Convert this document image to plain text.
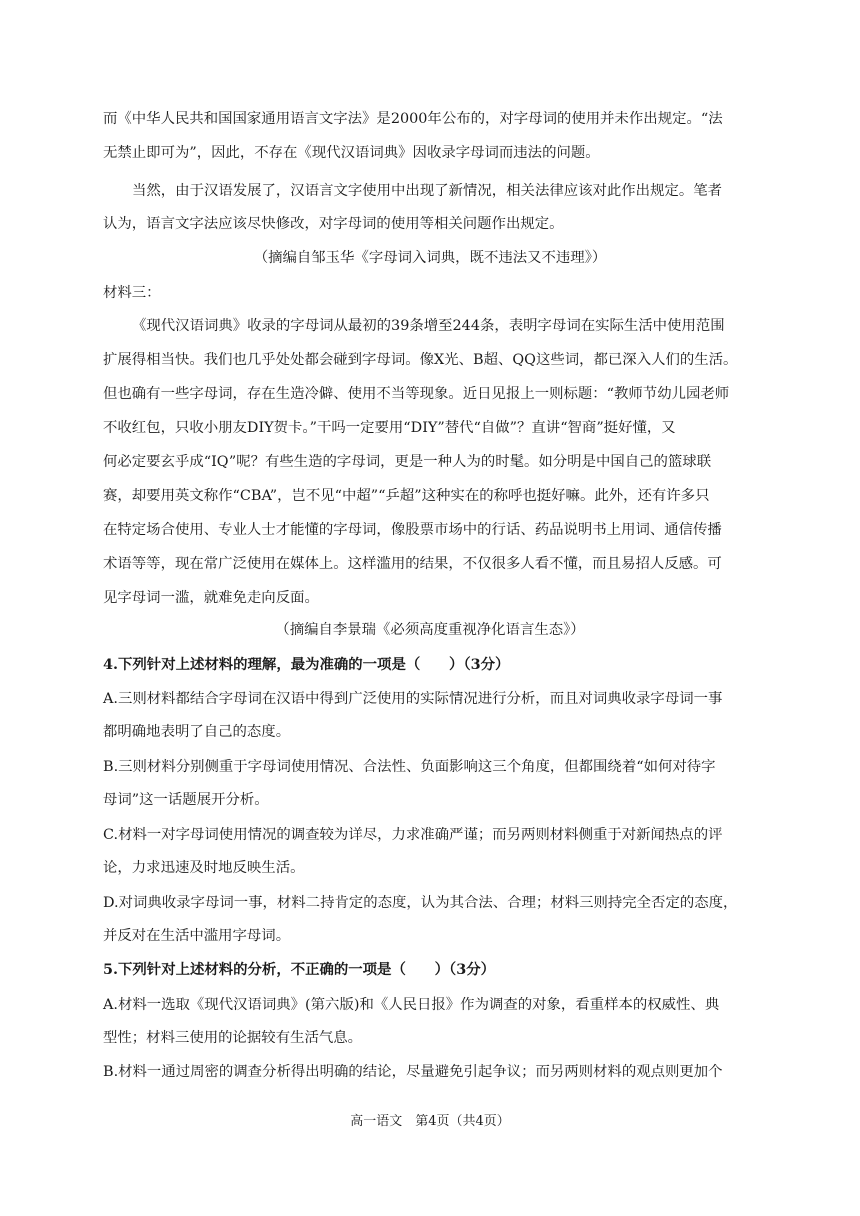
而《中华人民共和国国家通用语言文字法》是2000年公布的，对字母词的使用并未作出规定。“法
无禁止即可为”，因此，不存在《现代汉语词典》因收录字母词而违法的问题。
当然，由于汉语发展了，汉语言文字使用中出现了新情况，相关法律应该对此作出规定。笔者
认为，语言文字法应该尽快修改，对字母词的使用等相关问题作出规定。
（摘编自邹玉华《字母词入词典，既不违法又不违理》）
材料三：
《现代汉语词典》收录的字母词从最初的39条增至244条，表明字母词在实际生活中使用范围
扩展得相当快。我们也几乎处处都会碰到字母词。像X光、B超、QQ这些词，都已深入人们的生活。
但也确有一些字母词，存在生造冷僻、使用不当等现象。近日见报上一则标题：“教师节幼儿园老师
不收红包，只收小朋友DIY贺卡。”干吗一定要用“DIY”替代“自做”？直讲“智商”挺好懂，又
何必定要玄乎成“IQ”呢？有些生造的字母词，更是一种人为的时髦。如分明是中国自己的篮球联
赛，却要用英文称作“CBA”，岂不见“中超”“乒超”这种实在的称呼也挺好嘛。此外，还有许多只
在特定场合使用、专业人士才能懂的字母词，像股票市场中的行话、药品说明书上用词、通信传播
术语等等，现在常广泛使用在媒体上。这样滥用的结果，不仅很多人看不懂，而且易招人反感。可
见字母词一滥，就难免走向反面。
（摘编自李景瑞《必须高度重视净化语言生态》）
4.下列针对上述材料的理解，最为准确的一项是（　　）（3分）
A.三则材料都结合字母词在汉语中得到广泛使用的实际情况进行分析，而且对词典收录字母词一事
都明确地表明了自己的态度。
B.三则材料分别侧重于字母词使用情况、合法性、负面影响这三个角度，但都围绕着“如何对待字
母词”这一话题展开分析。
C.材料一对字母词使用情况的调查较为详尽，力求准确严谨；而另两则材料侧重于对新闻热点的评
论，力求迅速及时地反映生活。
D.对词典收录字母词一事，材料二持肯定的态度，认为其合法、合理；材料三则持完全否定的态度，
并反对在生活中滥用字母词。
5.下列针对上述材料的分析，不正确的一项是（　　）（3分）
A.材料一选取《现代汉语词典》(第六版)和《人民日报》作为调查的对象，看重样本的权威性、典
型性；材料三使用的论据较有生活气息。
B.材料一通过周密的调查分析得出明确的结论，尽量避免引起争议；而另两则材料的观点则更加个
高一语文　第4页（共4页）
